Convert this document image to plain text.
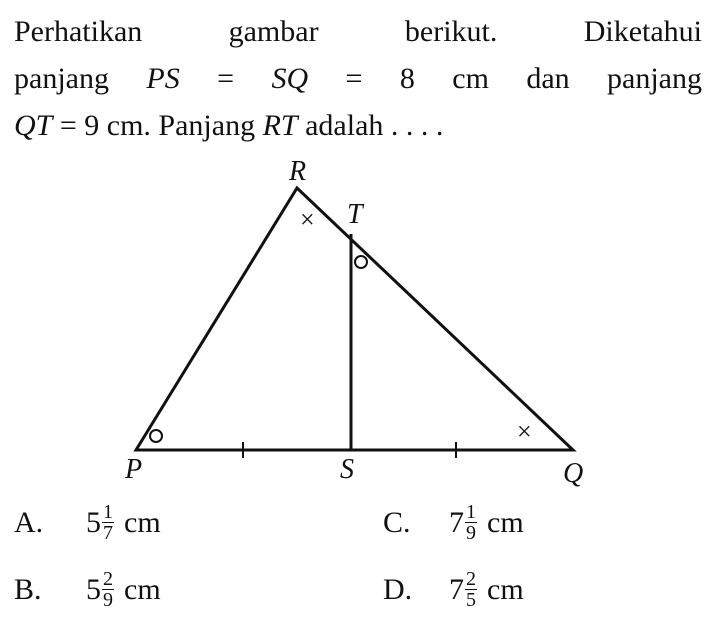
Perhatikan gambar berikut. Diketahui
panjang PS = SQ = 8 cm dan panjang
QT = 9 cm. Panjang RT adalah . . . .
×
×
R
T
P	S	Q
A. $5 \frac{1}{7}$ cm
B. $5 \frac{2}{9}$ cm
C. $7 \frac{1}{9}$ cm
D. $7 \frac{2}{5}$ cm
